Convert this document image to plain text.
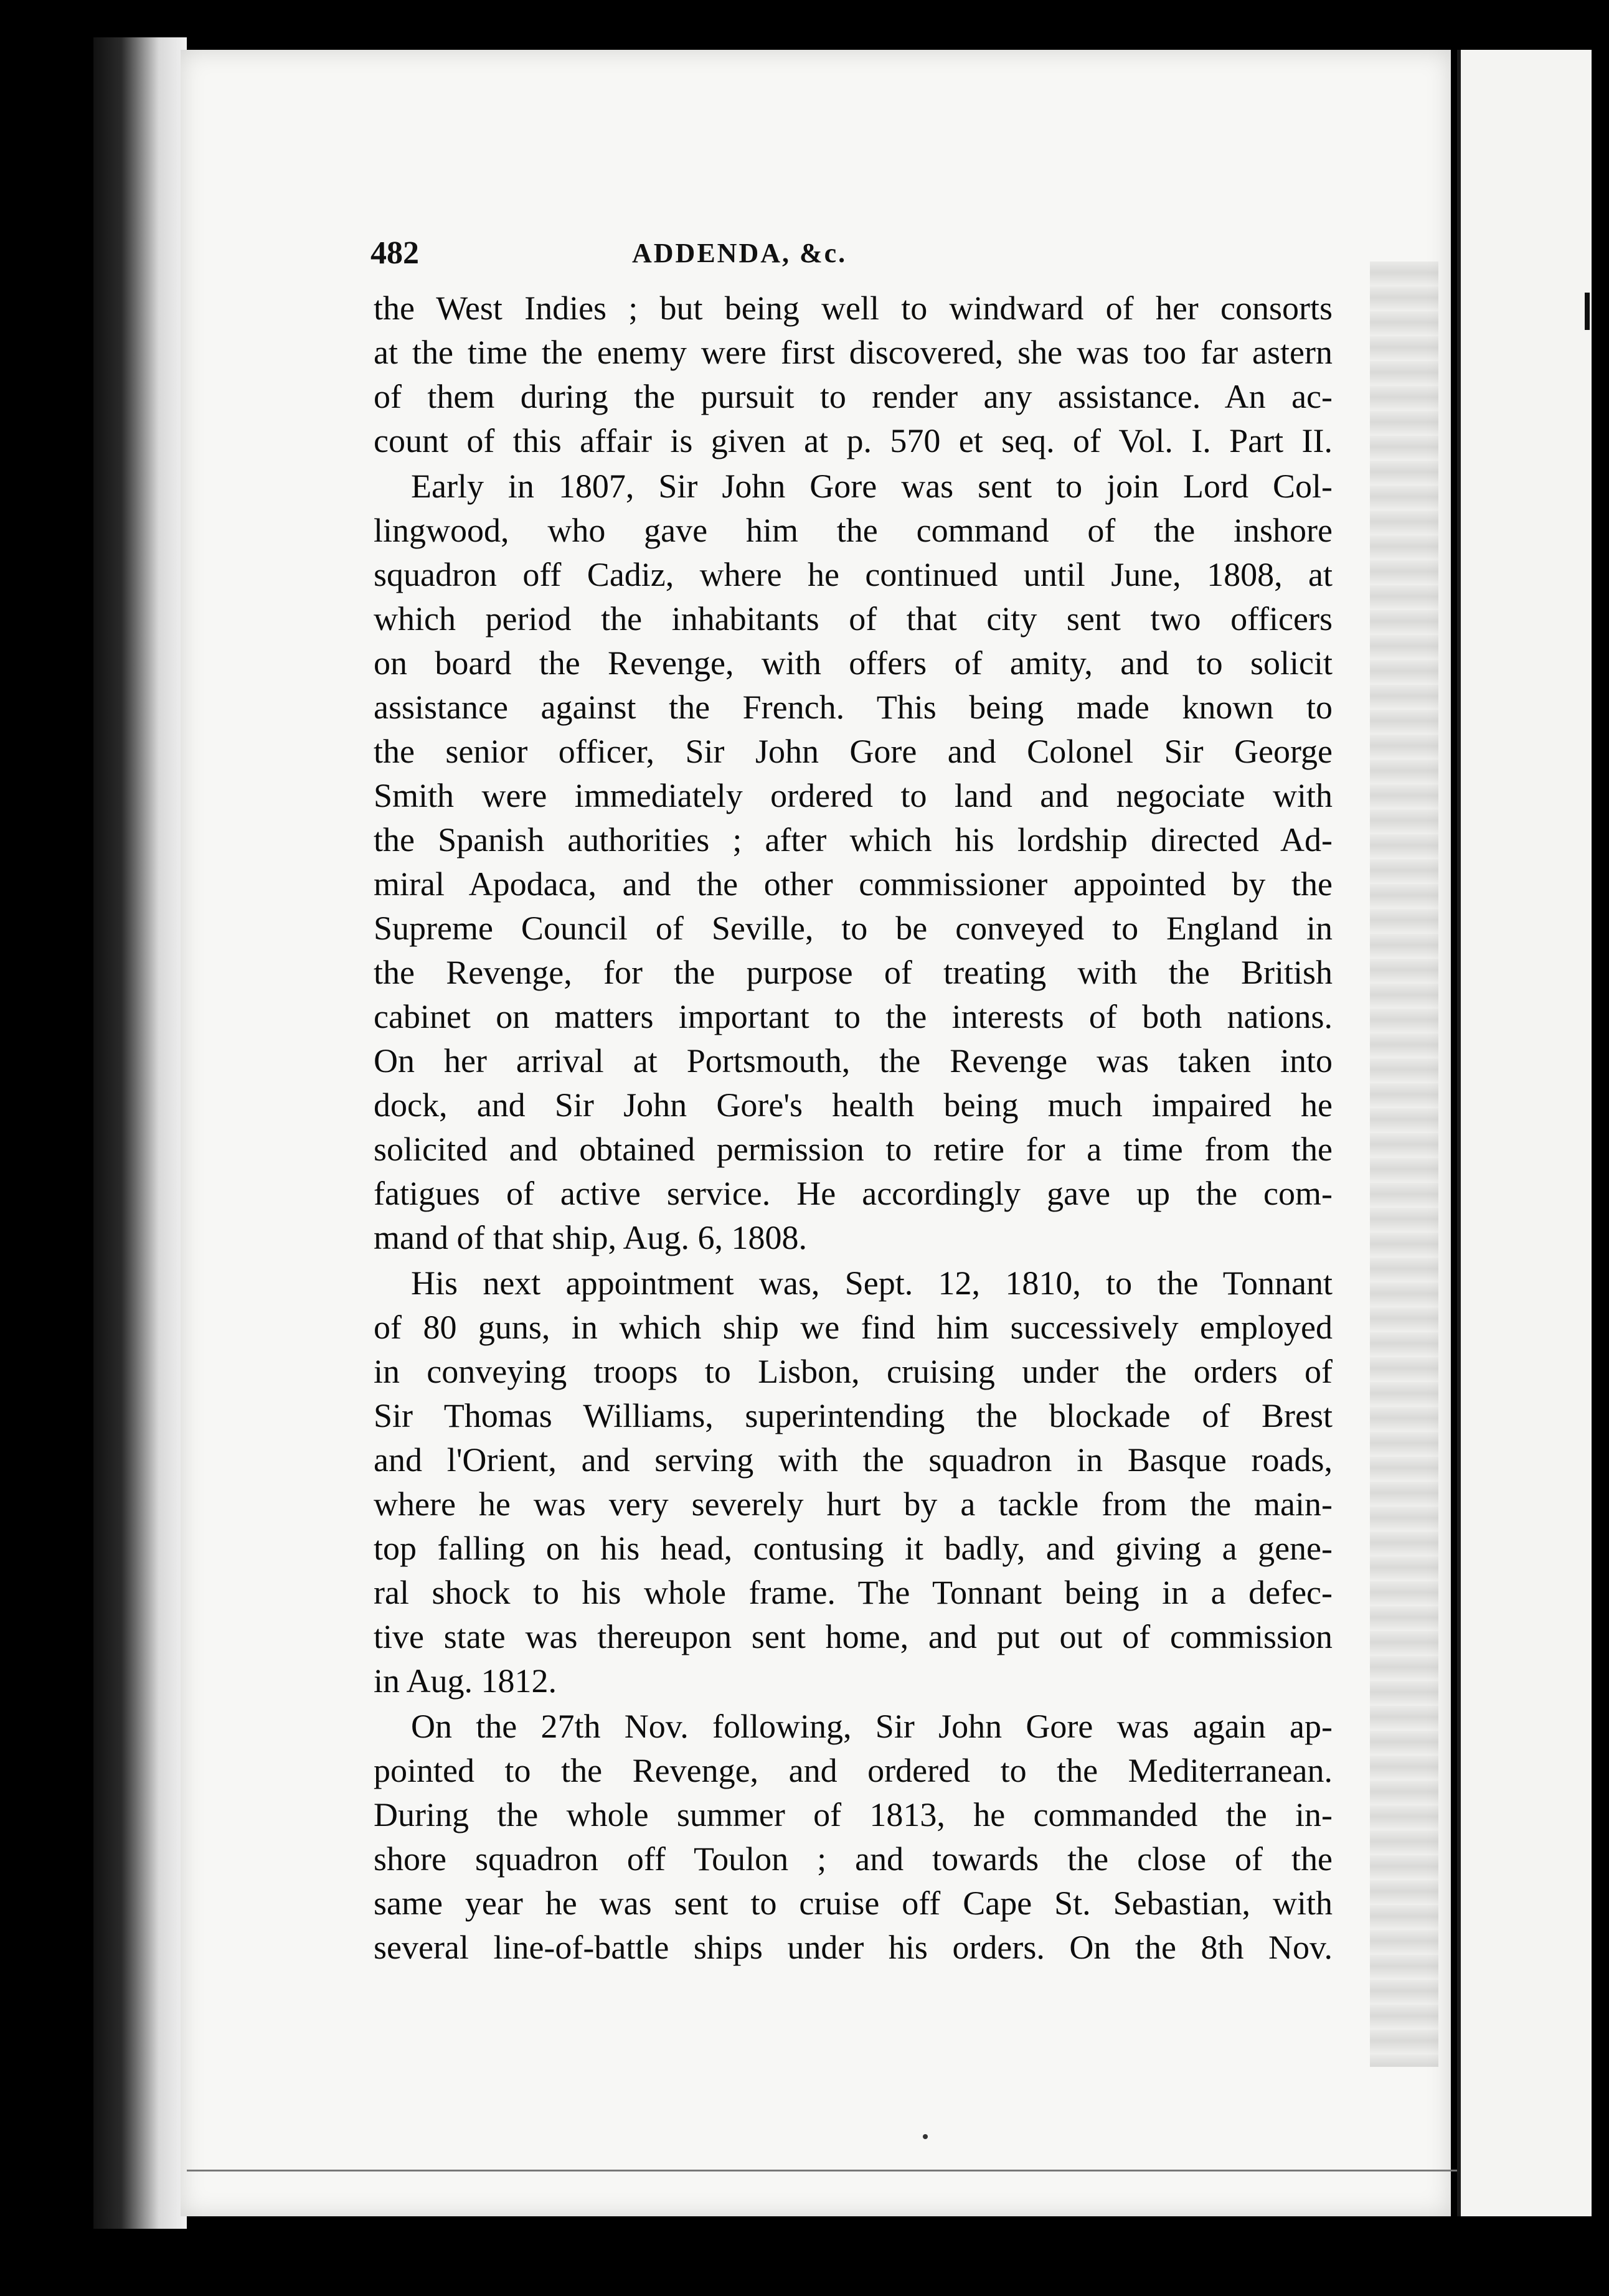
482	ADDENDA, &c.
the West Indies ; but being well to windward of her consorts
at the time the enemy were first discovered, she was too far astern
of them during the pursuit to render any assistance. An ac-
count of this affair is given at p. 570 et seq. of Vol. I. Part II.
Early in 1807, Sir John Gore was sent to join Lord Col-
lingwood, who gave him the command of the inshore
squadron off Cadiz, where he continued until June, 1808, at
which period the inhabitants of that city sent two officers
on board the Revenge, with offers of amity, and to solicit
assistance against the French. This being made known to
the senior officer, Sir John Gore and Colonel Sir George
Smith were immediately ordered to land and negociate with
the Spanish authorities ; after which his lordship directed Ad-
miral Apodaca, and the other commissioner appointed by the
Supreme Council of Seville, to be conveyed to England in
the Revenge, for the purpose of treating with the British
cabinet on matters important to the interests of both nations.
On her arrival at Portsmouth, the Revenge was taken into
dock, and Sir John Gore's health being much impaired he
solicited and obtained permission to retire for a time from the
fatigues of active service. He accordingly gave up the com-
mand of that ship, Aug. 6, 1808.
His next appointment was, Sept. 12, 1810, to the Tonnant
of 80 guns, in which ship we find him successively employed
in conveying troops to Lisbon, cruising under the orders of
Sir Thomas Williams, superintending the blockade of Brest
and l'Orient, and serving with the squadron in Basque roads,
where he was very severely hurt by a tackle from the main-
top falling on his head, contusing it badly, and giving a gene-
ral shock to his whole frame. The Tonnant being in a defec-
tive state was thereupon sent home, and put out of commission
in Aug. 1812.
On the 27th Nov. following, Sir John Gore was again ap-
pointed to the Revenge, and ordered to the Mediterranean.
During the whole summer of 1813, he commanded the in-
shore squadron off Toulon ; and towards the close of the
same year he was sent to cruise off Cape St. Sebastian, with
several line-of-battle ships under his orders. On the 8th Nov.
